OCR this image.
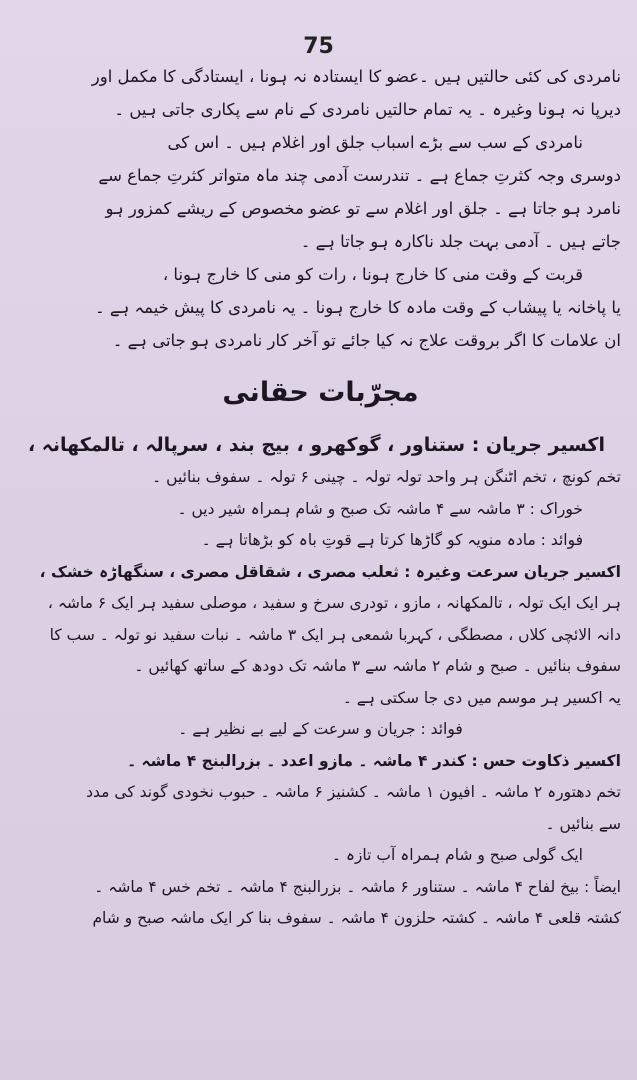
75
نامردی کی کئی حالتیں ہیں ۔عضو کا ایستادہ نہ ہونا ، ایستادگی کا مکمل اور
دیرپا نہ ہونا وغیرہ ۔ یہ تمام حالتیں نامردی کے نام سے پکاری جاتی ہیں ۔
نامردی کے سب سے بڑے اسباب جلق اور اغلام ہیں ۔ اس کی
دوسری وجہ کثرتِ جماع ہے ۔ تندرست آدمی چند ماہ متواتر کثرتِ جماع سے
نامرد ہو جاتا ہے ۔ جلق اور اغلام سے تو عضو مخصوص کے ریشے کمزور ہو
جاتے ہیں ۔ آدمی بہت جلد ناکارہ ہو جاتا ہے ۔
قربت کے وقت منی کا خارج ہونا ، رات کو منی کا خارج ہونا ،
یا پاخانہ یا پیشاب کے وقت مادہ کا خارج ہونا ۔ یہ نامردی کا پیش خیمہ ہے ۔
ان علامات کا اگر بروقت علاج نہ کیا جائے تو آخر کار نامردی ہو جاتی ہے ۔
مجرّبات حقانی
اکسیر جریان : ستناور ، گوکھرو ، بیج بند ، سرپالہ ، تالمکھانہ ،
تخم کونچ ، تخم اٹنگن ہر واحد تولہ تولہ ۔ چینی ۶ تولہ ۔ سفوف بنائیں ۔
خوراک : ۳ ماشہ سے ۴ ماشہ تک صبح و شام ہمراہ شیر دیں ۔
فوائد : مادہ منویہ کو گاڑھا کرتا ہے قوتِ باہ کو بڑھاتا ہے ۔
اکسیر جریان سرعت وغیرہ : ثعلب مصری ، شقاقل مصری ، سنگھاڑہ خشک ،
ہر ایک ایک تولہ ، تالمکھانہ ، مازو ، تودری سرخ و سفید ، موصلی سفید ہر ایک ۶ ماشہ ،
دانہ الائچی کلاں ، مصطگی ، کہربا شمعی ہر ایک ۳ ماشہ ۔ نبات سفید نو تولہ ۔ سب کا
سفوف بنائیں ۔ صبح و شام ۲ ماشہ سے ۳ ماشہ تک دودھ کے ساتھ کھائیں ۔
یہ اکسیر ہر موسم میں دی جا سکتی ہے ۔
فوائد : جریان و سرعت کے لیے بے نظیر ہے ۔
اکسیر ذکاوت حس : کندر ۴ ماشہ ۔ مازو اعدد ۔ بزرالبنج ۴ ماشہ ۔
تخم دھتورہ ۲ ماشہ ۔ افیون ۱ ماشہ ۔ کشنیز ۶ ماشہ ۔ حبوب نخودی گوند کی مدد
سے بنائیں ۔
ایک گولی صبح و شام ہمراہ آب تازہ ۔
ایضاً : بیخ لفاح ۴ ماشہ ۔ ستناور ۶ ماشہ ۔ بزرالبنج ۴ ماشہ ۔ تخم خس ۴ ماشہ ۔
کشتہ قلعی ۴ ماشہ ۔ کشتہ حلزون ۴ ماشہ ۔ سفوف بنا کر ایک ماشہ صبح و شام
